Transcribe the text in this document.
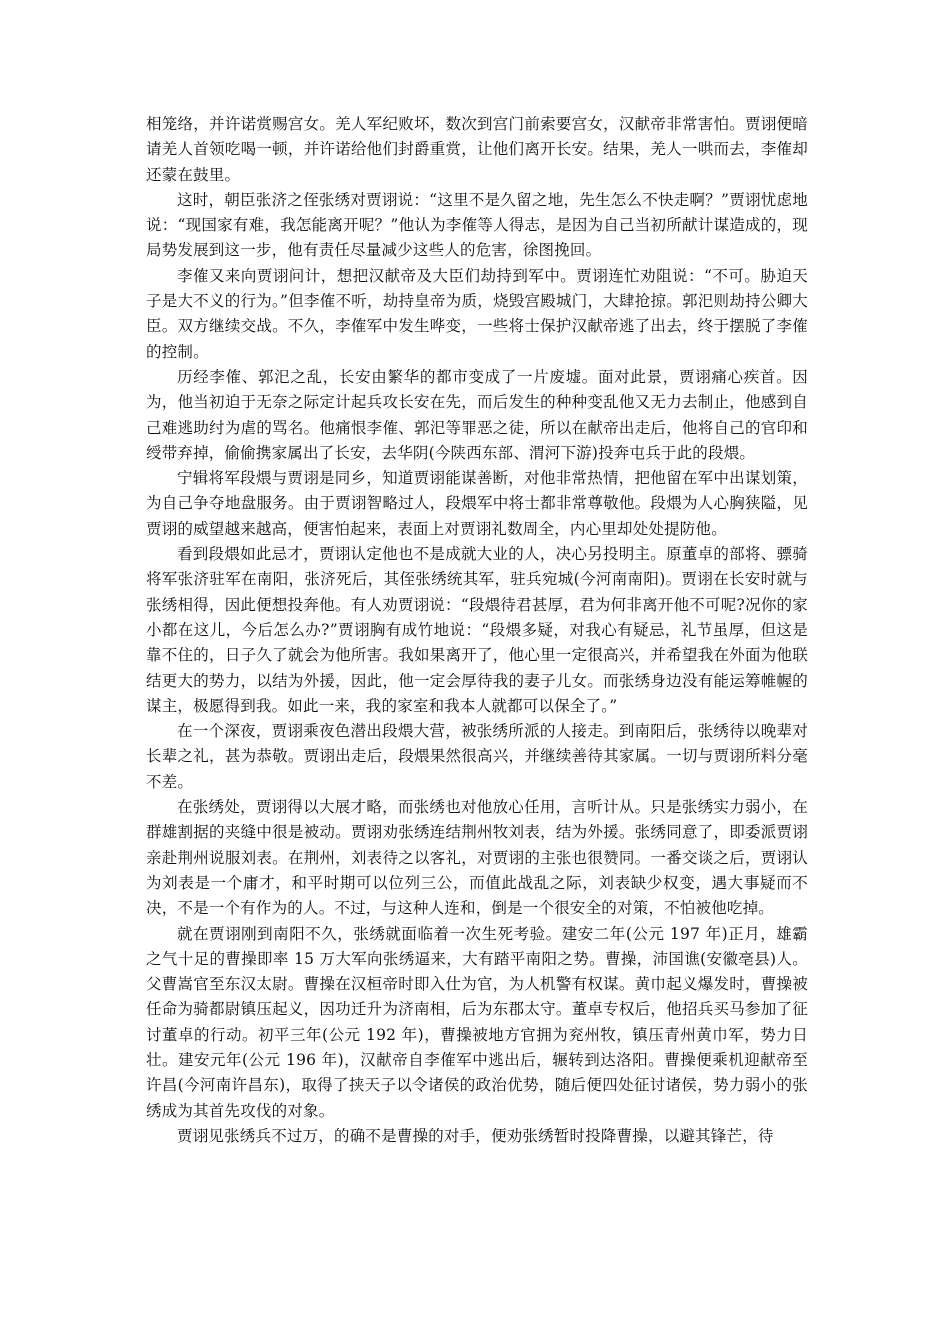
相笼络，并许诺赏赐宫女。羌人军纪败坏，数次到宫门前索要宫女，汉献帝非常害怕。贾诩便暗请羌人首领吃喝一顿，并许诺给他们封爵重赏，让他们离开长安。结果，羌人一哄而去，李傕却还蒙在鼓里。

这时，朝臣张济之侄张绣对贾诩说：“这里不是久留之地，先生怎么不快走啊？”贾诩忧虑地说：“现国家有难，我怎能离开呢？”他认为李傕等人得志，是因为自己当初所献计谋造成的，现局势发展到这一步，他有责任尽量减少这些人的危害，徐图挽回。

李傕又来向贾诩问计，想把汉献帝及大臣们劫持到军中。贾诩连忙劝阻说：“不可。胁迫天子是大不义的行为。”但李傕不听，劫持皇帝为质，烧毁宫殿城门，大肆抢掠。郭汜则劫持公卿大臣。双方继续交战。不久，李傕军中发生哗变，一些将士保护汉献帝逃了出去，终于摆脱了李傕的控制。

历经李傕、郭汜之乱，长安由繁华的都市变成了一片废墟。面对此景，贾诩痛心疾首。因为，他当初迫于无奈之际定计起兵攻长安在先，而后发生的种种变乱他又无力去制止，他感到自己难逃助纣为虐的骂名。他痛恨李傕、郭汜等罪恶之徒，所以在献帝出走后，他将自己的官印和绶带弃掉，偷偷携家属出了长安，去华阴(今陕西东部、渭河下游)投奔屯兵于此的段煨。

宁辑将军段煨与贾诩是同乡，知道贾诩能谋善断，对他非常热情，把他留在军中出谋划策，为自己争夺地盘服务。由于贾诩智略过人，段煨军中将士都非常尊敬他。段煨为人心胸狭隘，见贾诩的威望越来越高，便害怕起来，表面上对贾诩礼数周全，内心里却处处提防他。

看到段煨如此忌才，贾诩认定他也不是成就大业的人，决心另投明主。原董卓的部将、骠骑将军张济驻军在南阳，张济死后，其侄张绣统其军，驻兵宛城(今河南南阳)。贾诩在长安时就与张绣相得，因此便想投奔他。有人劝贾诩说：“段煨待君甚厚，君为何非离开他不可呢?况你的家小都在这儿，今后怎么办?”贾诩胸有成竹地说：“段煨多疑，对我心有疑忌，礼节虽厚，但这是靠不住的，日子久了就会为他所害。我如果离开了，他心里一定很高兴，并希望我在外面为他联结更大的势力，以结为外援，因此，他一定会厚待我的妻子儿女。而张绣身边没有能运筹帷幄的谋主，极愿得到我。如此一来，我的家室和我本人就都可以保全了。”

在一个深夜，贾诩乘夜色潜出段煨大营，被张绣所派的人接走。到南阳后，张绣待以晚辈对长辈之礼，甚为恭敬。贾诩出走后，段煨果然很高兴，并继续善待其家属。一切与贾诩所料分毫不差。

在张绣处，贾诩得以大展才略，而张绣也对他放心任用，言听计从。只是张绣实力弱小，在群雄割据的夹缝中很是被动。贾诩劝张绣连结荆州牧刘表，结为外援。张绣同意了，即委派贾诩亲赴荆州说服刘表。在荆州，刘表待之以客礼，对贾诩的主张也很赞同。一番交谈之后，贾诩认为刘表是一个庸才，和平时期可以位列三公，而值此战乱之际，刘表缺少权变，遇大事疑而不决，不是一个有作为的人。不过，与这种人连和，倒是一个很安全的对策，不怕被他吃掉。

就在贾诩刚到南阳不久，张绣就面临着一次生死考验。建安二年(公元 197 年)正月，雄霸之气十足的曹操即率 15 万大军向张绣逼来，大有踏平南阳之势。曹操，沛国谯(安徽亳县)人。父曹嵩官至东汉太尉。曹操在汉桓帝时即入仕为官，为人机警有权谋。黄巾起义爆发时，曹操被任命为骑都尉镇压起义，因功迁升为济南相，后为东郡太守。董卓专权后，他招兵买马参加了征讨董卓的行动。初平三年(公元 192 年)，曹操被地方官拥为兖州牧，镇压青州黄巾军，势力日壮。建安元年(公元 196 年)，汉献帝自李傕军中逃出后，辗转到达洛阳。曹操便乘机迎献帝至许昌(今河南许昌东)，取得了挟天子以令诸侯的政治优势，随后便四处征讨诸侯，势力弱小的张绣成为其首先攻伐的对象。

贾诩见张绣兵不过万，的确不是曹操的对手，便劝张绣暂时投降曹操，以避其锋芒，待
